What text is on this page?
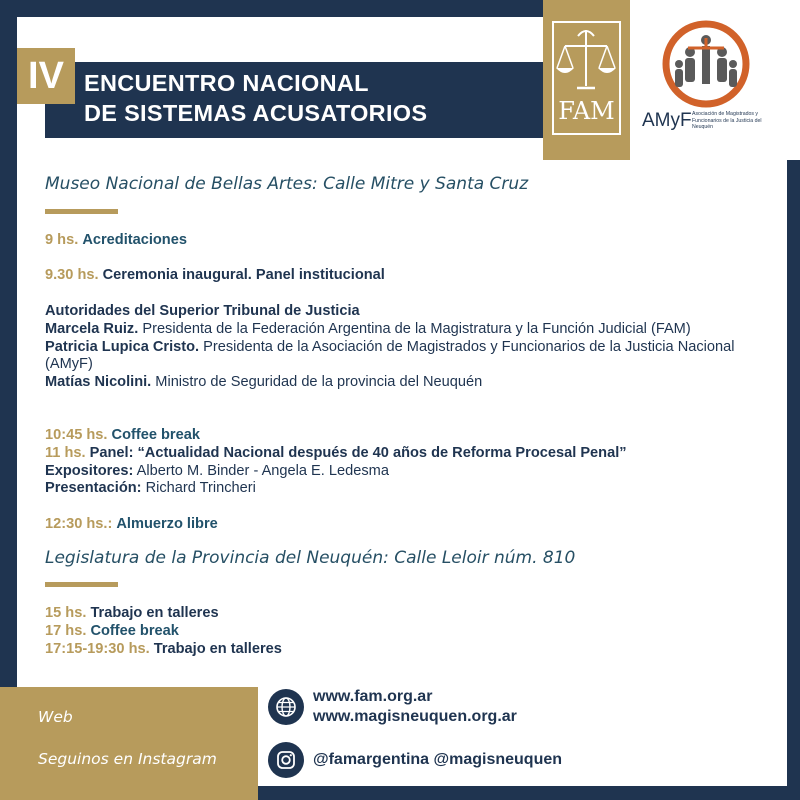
IV ENCUENTRO NACIONAL
DE SISTEMAS ACUSATORIOS	FAM	AMyF Asociación de Magistrados y Funcionarios de la Justicia del Neuquén
Museo Nacional de Bellas Artes: Calle Mitre y Santa Cruz
9 hs. Acreditaciones
9.30 hs. Ceremonia inaugural. Panel institucional
Autoridades del Superior Tribunal de Justicia
Marcela Ruiz. Presidenta de la Federación Argentina de la Magistratura y la Función Judicial (FAM)
Patricia Lupica Cristo. Presidenta de la Asociación de Magistrados y Funcionarios de la Justicia Nacional (AMyF)
Matías Nicolini. Ministro de Seguridad de la provincia del Neuquén
10:45 hs. Coffee break
11 hs. Panel: “Actualidad Nacional después de 40 años de Reforma Procesal Penal”
Expositores: Alberto M. Binder - Angela E. Ledesma
Presentación: Richard Trincheri
12:30 hs.: Almuerzo libre
Legislatura de la Provincia del Neuquén: Calle Leloir núm. 810
15 hs. Trabajo en talleres
17 hs. Coffee break
17:15-19:30 hs. Trabajo en talleres
Web
Seguinos en Instagram
www.fam.org.ar
www.magisneuquen.org.ar
@famargentina @magisneuquen
